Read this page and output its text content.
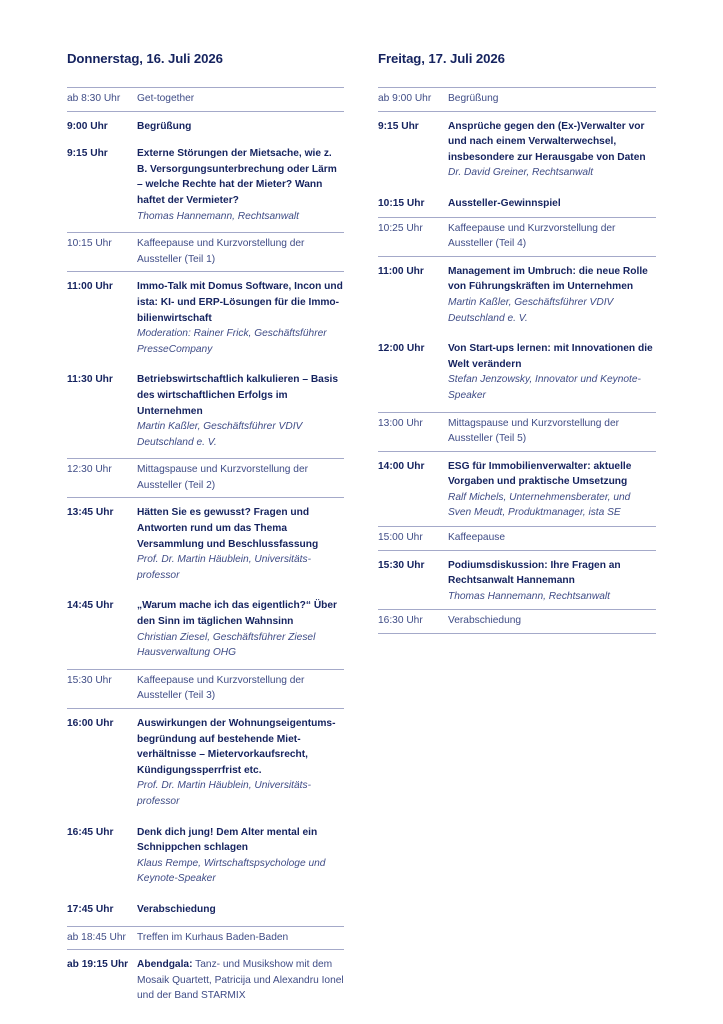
Donnerstag, 16. Juli 2026
ab 8:30 Uhr	Get-together
9:00 Uhr	Begrüßung
9:15 Uhr	Externe Störungen der Mietsache, wie z. B. Versorgungsunterbrechung oder Lärm – welche Rechte hat der Mieter? Wann haftet der Vermieter?
Thomas Hannemann, Rechtsanwalt
10:15 Uhr	Kaffeepause und Kurzvorstellung der Aussteller (Teil 1)
11:00 Uhr	Immo-Talk mit Domus Software, Incon und ista: KI- und ERP-Lösungen für die Immobilienwirtschaft
Moderation: Rainer Frick, Geschäftsführer PresseCompany
11:30 Uhr	Betriebswirtschaftlich kalkulieren – Basis des wirtschaftlichen Erfolgs im Unternehmen
Martin Kaßler, Geschäftsführer VDIV Deutschland e. V.
12:30 Uhr	Mittagspause und Kurzvorstellung der Aussteller (Teil 2)
13:45 Uhr	Hätten Sie es gewusst? Fragen und Antworten rund um das Thema Versammlung und Beschlussfassung
Prof. Dr. Martin Häublein, Universitätsprofessor
14:45 Uhr	„Warum mache ich das eigentlich?“ Über den Sinn im täglichen Wahnsinn
Christian Ziesel, Geschäftsführer Ziesel Hausverwaltung OHG
15:30 Uhr	Kaffeepause und Kurzvorstellung der Aussteller (Teil 3)
16:00 Uhr	Auswirkungen der Wohnungseigentumsbegründung auf bestehende Mietverhältnisse – Mietervorkaufsrecht, Kündigungssperrfrist etc.
Prof. Dr. Martin Häublein, Universitätsprofessor
16:45 Uhr	Denk dich jung! Dem Alter mental ein Schnippchen schlagen
Klaus Rempe, Wirtschaftspsychologe und Keynote-Speaker
17:45 Uhr	Verabschiedung
ab 18:45 Uhr	Treffen im Kurhaus Baden-Baden
ab 19:15 Uhr Abendgala: Tanz- und Musikshow mit dem Mosaik Quartett, Patricija und Alexandru Ionel und der Band STARMIX
Freitag, 17. Juli 2026
ab 9:00 Uhr	Begrüßung
9:15 Uhr	Ansprüche gegen den (Ex-)Verwalter vor und nach einem Verwalterwechsel, insbesondere zur Herausgabe von Daten
Dr. David Greiner, Rechtsanwalt
10:15 Uhr	Aussteller-Gewinnspiel
10:25 Uhr	Kaffeepause und Kurzvorstellung der Aussteller (Teil 4)
11:00 Uhr	Management im Umbruch: die neue Rolle von Führungskräften im Unternehmen
Martin Kaßler, Geschäftsführer VDIV Deutschland e. V.
12:00 Uhr	Von Start-ups lernen: mit Innovationen die Welt verändern
Stefan Jenzowsky, Innovator und Keynote-Speaker
13:00 Uhr	Mittagspause und Kurzvorstellung der Aussteller (Teil 5)
14:00 Uhr	ESG für Immobilienverwalter: aktuelle Vorgaben und praktische Umsetzung
Ralf Michels, Unternehmensberater, und Sven Meudt, Produktmanager, ista SE
15:00 Uhr	Kaffeepause
15:30 Uhr	Podiumsdiskussion: Ihre Fragen an Rechtsanwalt Hannemann
Thomas Hannemann, Rechtsanwalt
16:30 Uhr	Verabschiedung
